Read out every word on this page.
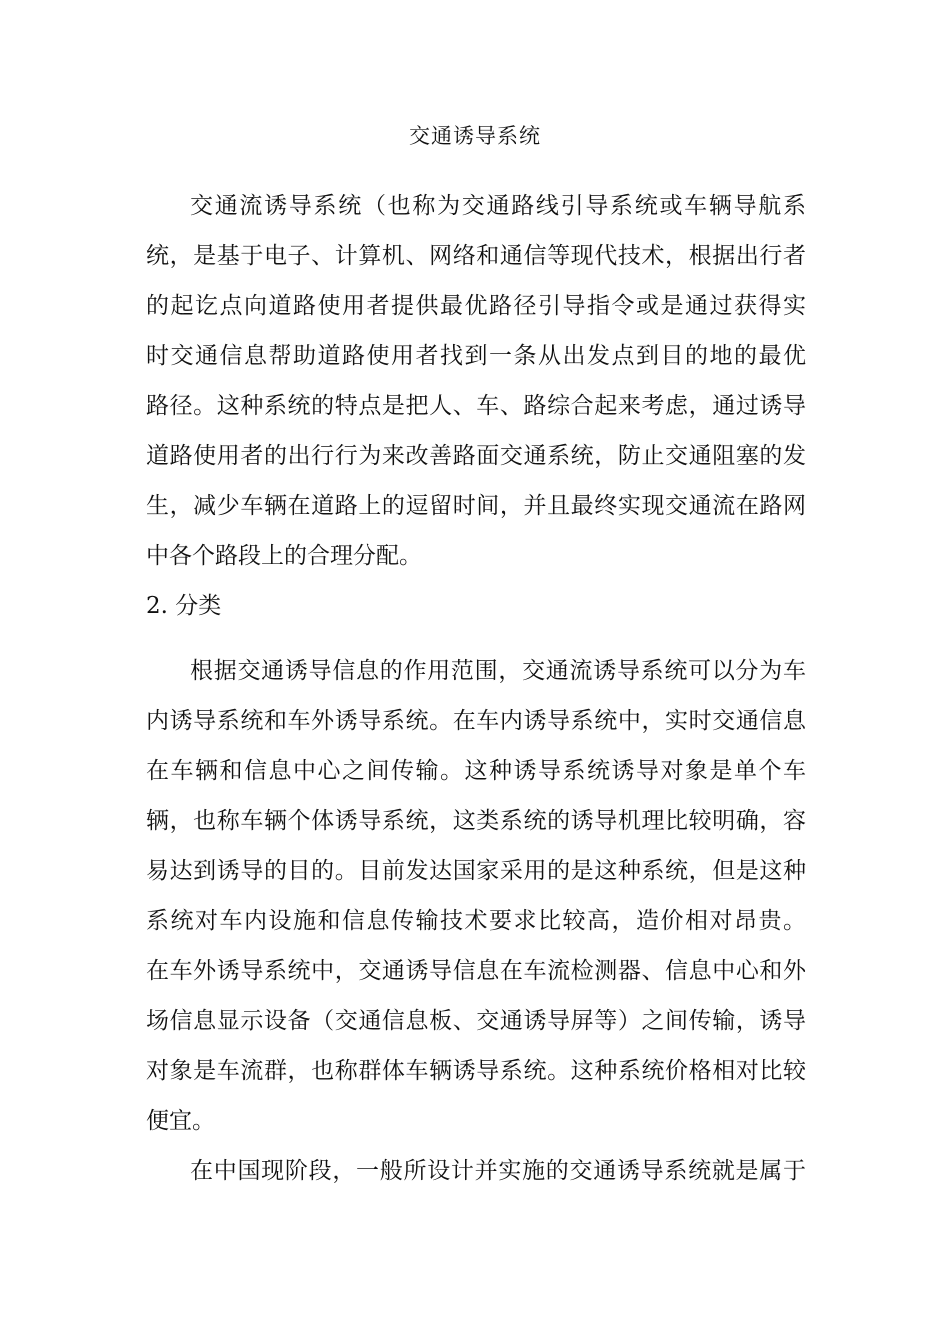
交通诱导系统
交通流诱导系统（也称为交通路线引导系统或车辆导航系
统，是基于电子、计算机、网络和通信等现代技术，根据出行者
的起讫点向道路使用者提供最优路径引导指令或是通过获得实
时交通信息帮助道路使用者找到一条从出发点到目的地的最优
路径。这种系统的特点是把人、车、路综合起来考虑，通过诱导
道路使用者的出行行为来改善路面交通系统，防止交通阻塞的发
生，减少车辆在道路上的逗留时间，并且最终实现交通流在路网
中各个路段上的合理分配。
2. 分类
根据交通诱导信息的作用范围，交通流诱导系统可以分为车
内诱导系统和车外诱导系统。在车内诱导系统中，实时交通信息
在车辆和信息中心之间传输。这种诱导系统诱导对象是单个车
辆，也称车辆个体诱导系统，这类系统的诱导机理比较明确，容
易达到诱导的目的。目前发达国家采用的是这种系统，但是这种
系统对车内设施和信息传输技术要求比较高，造价相对昂贵。
在车外诱导系统中，交通诱导信息在车流检测器、信息中心和外
场信息显示设备（交通信息板、交通诱导屏等）之间传输，诱导
对象是车流群，也称群体车辆诱导系统。这种系统价格相对比较
便宜。
在中国现阶段，一般所设计并实施的交通诱导系统就是属于
